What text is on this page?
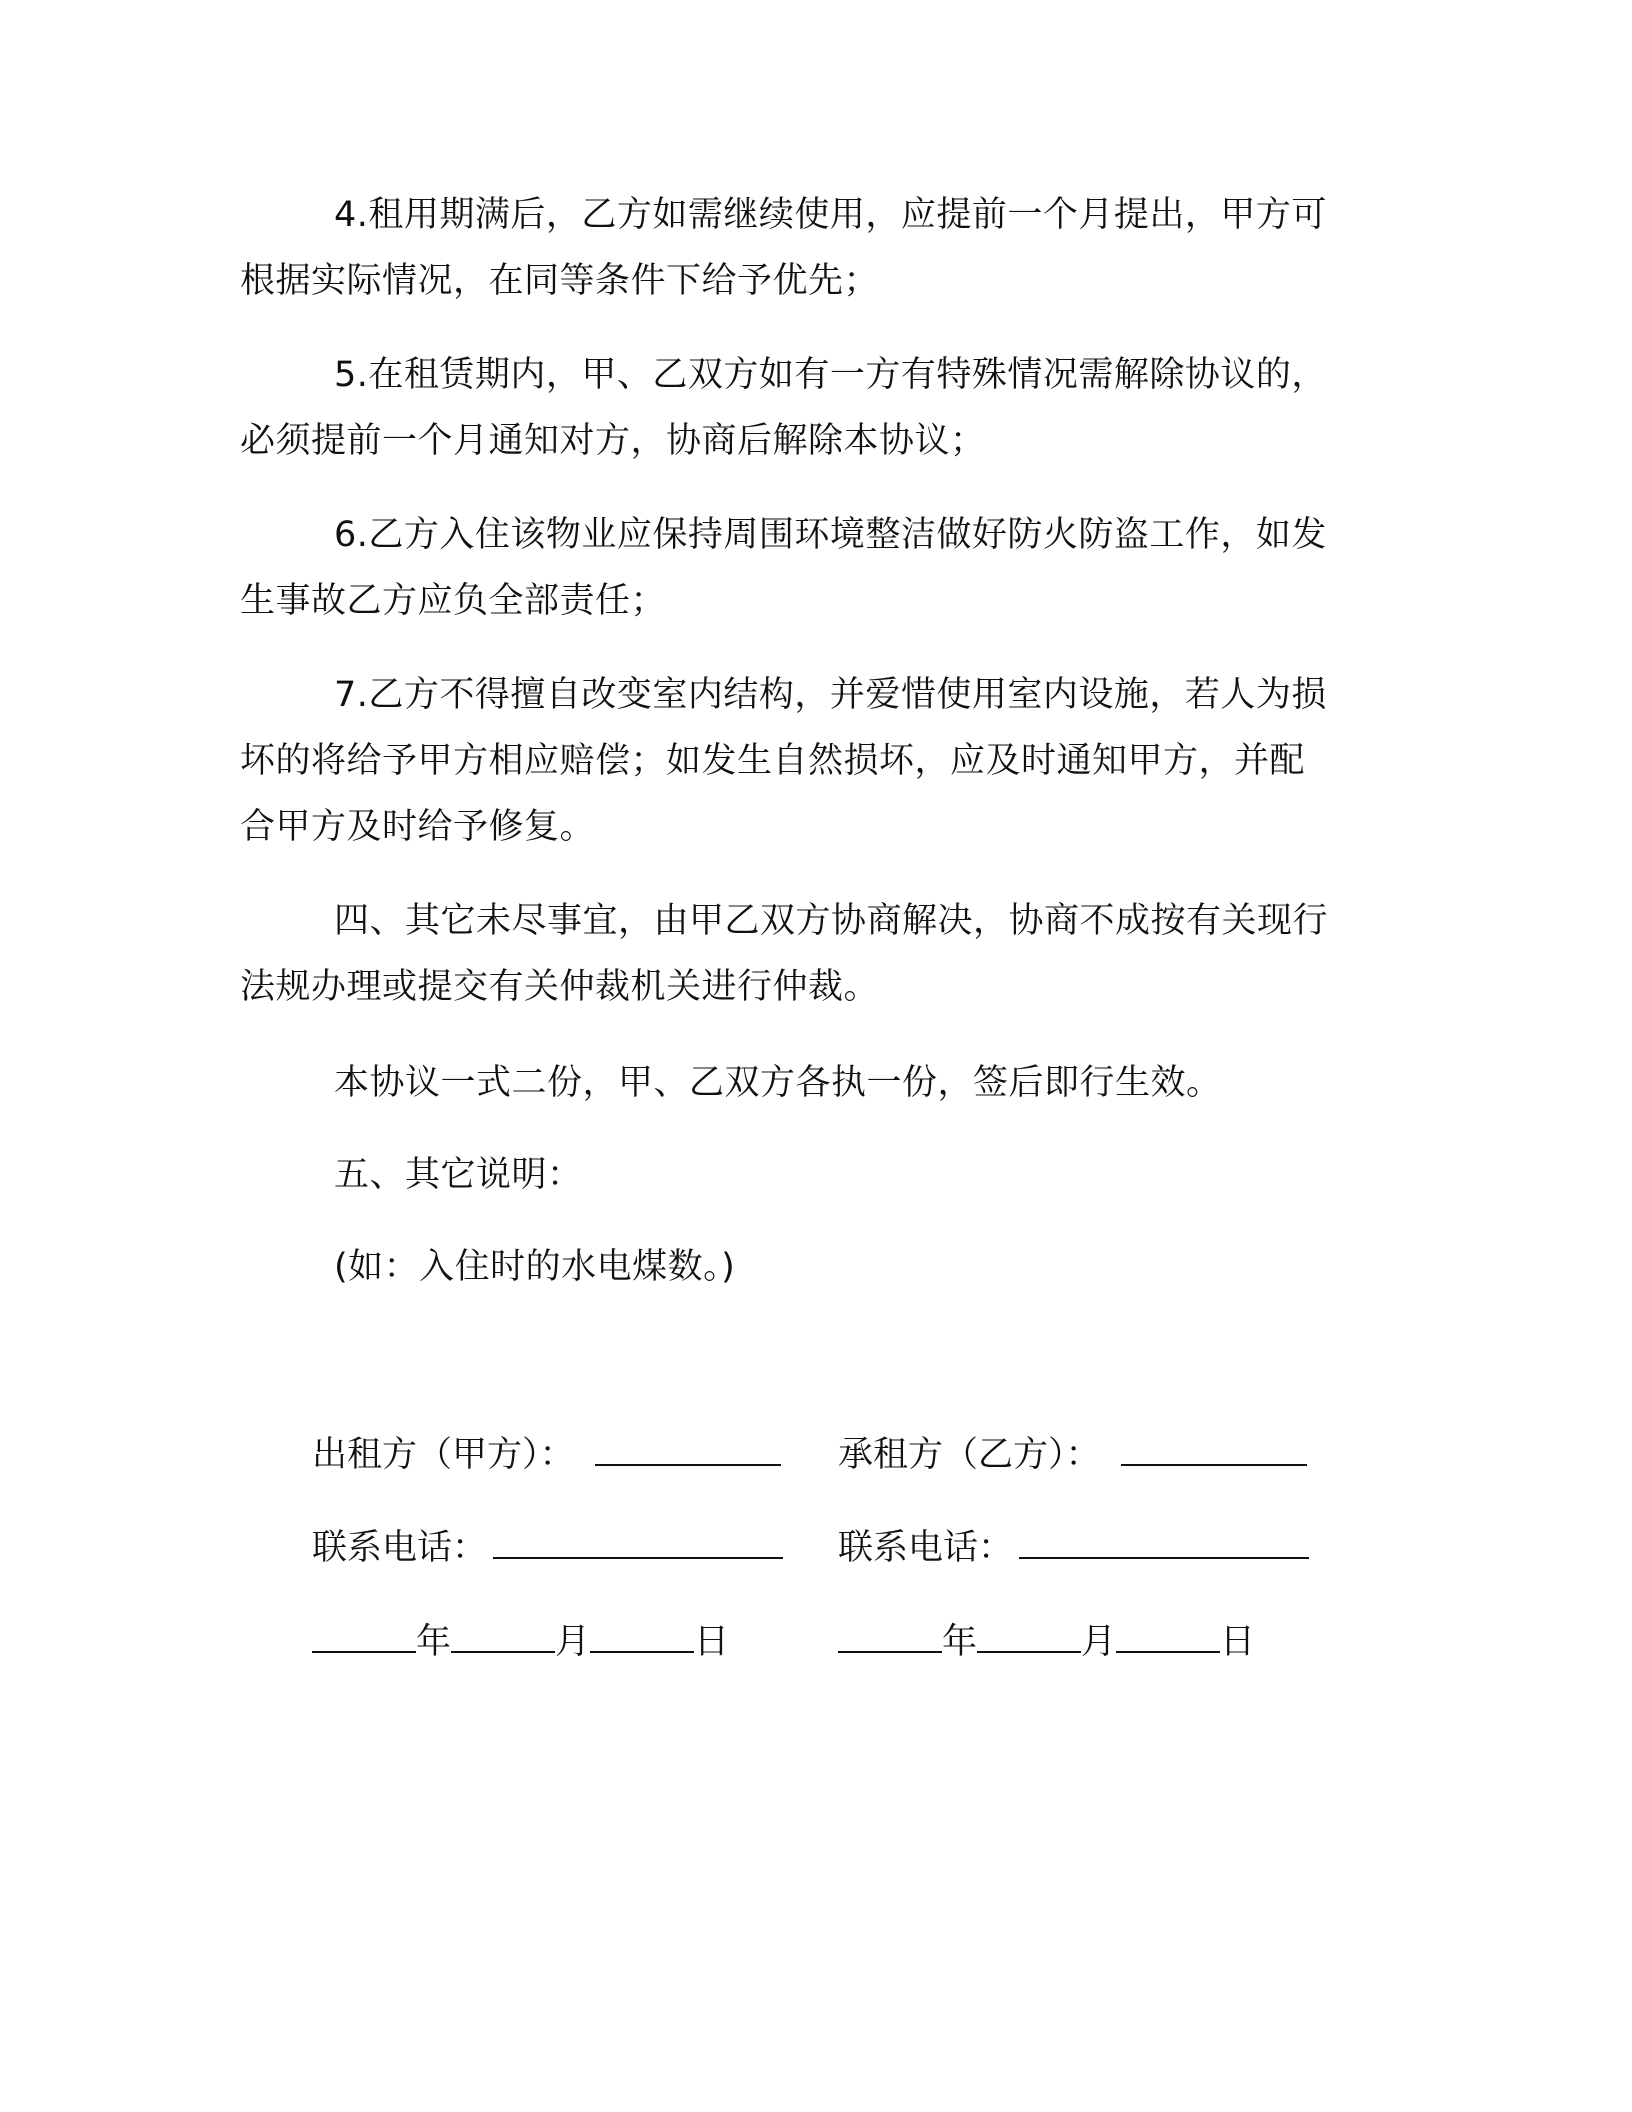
4.租用期满后，乙方如需继续使用，应提前一个月提出，甲方可
根据实际情况，在同等条件下给予优先；
5.在租赁期内，甲、乙双方如有一方有特殊情况需解除协议的，
必须提前一个月通知对方，协商后解除本协议；
6.乙方入住该物业应保持周围环境整洁做好防火防盗工作，如发
生事故乙方应负全部责任；
7.乙方不得擅自改变室内结构，并爱惜使用室内设施，若人为损
坏的将给予甲方相应赔偿；如发生自然损坏，应及时通知甲方，并配
合甲方及时给予修复。
四、其它未尽事宜，由甲乙双方协商解决，协商不成按有关现行
法规办理或提交有关仲裁机关进行仲裁。
本协议一式二份，甲、乙双方各执一份，签后即行生效。
五、其它说明：
(如：入住时的水电煤数。)
出租方（甲方）：	承租方（乙方）：
联系电话：	联系电话：
年	月	日	年	月	日
